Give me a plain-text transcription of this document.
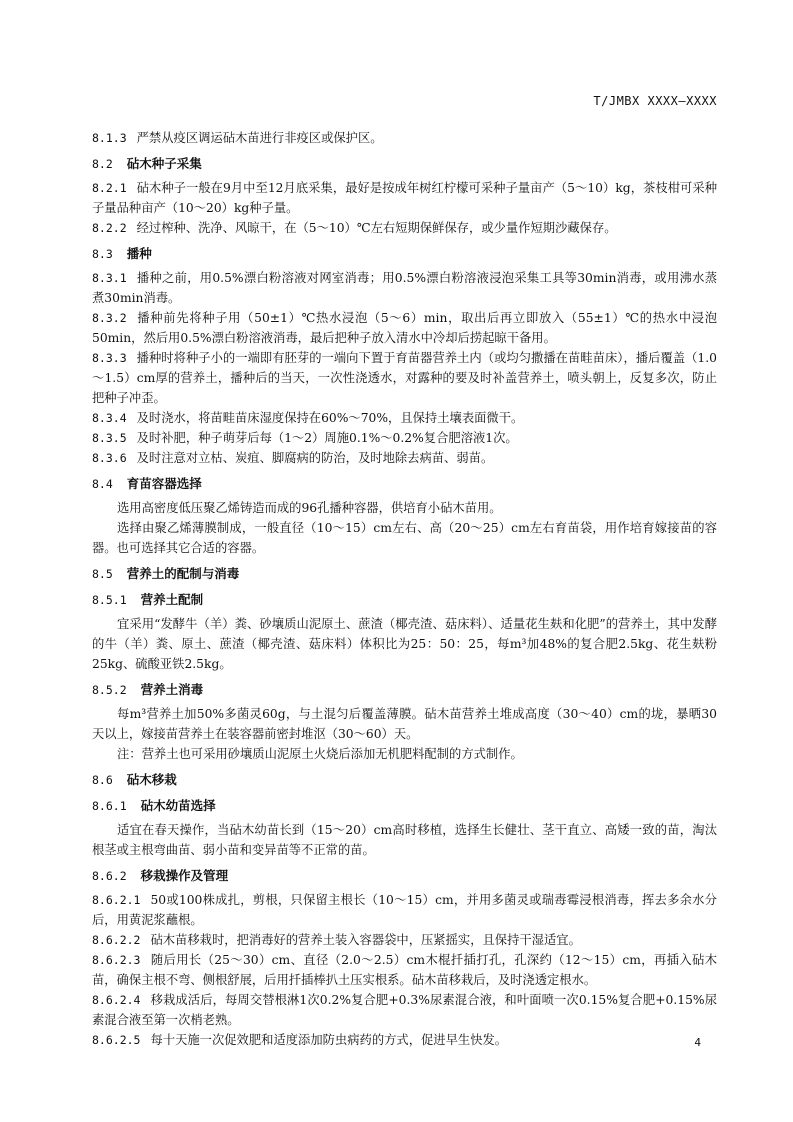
T/JMBX XXXX—XXXX

8.1.3 严禁从疫区调运砧木苗进行非疫区或保护区。

8.2 砧木种子采集

8.2.1 砧木种子一般在9月中至12月底采集，最好是按成年树红柠檬可采种子量亩产（5～10）kg，茶枝柑可采种子量品种亩产（10～20）kg种子量。

8.2.2 经过榨种、洗净、风晾干，在（5～10）℃左右短期保鲜保存，或少量作短期沙藏保存。

8.3 播种

8.3.1 播种之前，用0.5%漂白粉溶液对网室消毒；用0.5%漂白粉溶液浸泡采集工具等30min消毒，或用沸水蒸煮30min消毒。

8.3.2 播种前先将种子用（50±1）℃热水浸泡（5～6）min，取出后再立即放入（55±1）℃的热水中浸泡50min，然后用0.5%漂白粉溶液消毒，最后把种子放入清水中冷却后捞起晾干备用。

8.3.3 播种时将种子小的一端即有胚芽的一端向下置于育苗器营养土内（或均匀撒播在苗畦苗床），播后覆盖（1.0～1.5）cm厚的营养土，播种后的当天，一次性浇透水，对露种的要及时补盖营养土，喷头朝上，反复多次，防止把种子冲歪。

8.3.4 及时浇水，将苗畦苗床湿度保持在60%～70%，且保持土壤表面微干。

8.3.5 及时补肥，种子萌芽后每（1～2）周施0.1%～0.2%复合肥溶液1次。

8.3.6 及时注意对立枯、炭疽、脚腐病的防治，及时地除去病苗、弱苗。

8.4 育苗容器选择

选用高密度低压聚乙烯铸造而成的96孔播种容器，供培育小砧木苗用。

选择由聚乙烯薄膜制成，一般直径（10～15）cm左右、高（20～25）cm左右育苗袋，用作培育嫁接苗的容器。也可选择其它合适的容器。

8.5 营养土的配制与消毒
8.5.1 营养土配制

宜采用“发酵牛（羊）粪、砂壤质山泥原土、蔗渣（椰壳渣、菇床料）、适量花生麸和化肥”的营养土，其中发酵的牛（羊）粪、原土、蔗渣（椰壳渣、菇床料）体积比为25：50：25，每m³加48%的复合肥2.5kg、花生麸粉25kg、硫酸亚铁2.5kg。

8.5.2 营养土消毒

每m³营养土加50%多菌灵60g，与土混匀后覆盖薄膜。砧木苗营养土堆成高度（30～40）cm的垅，暴晒30天以上，嫁接苗营养土在装容器前密封堆沤（30～60）天。

注：营养土也可采用砂壤质山泥原土火烧后添加无机肥料配制的方式制作。

8.6 砧木移栽
8.6.1 砧木幼苗选择

适宜在春天操作，当砧木幼苗长到（15～20）cm高时移植，选择生长健壮、茎干直立、高矮一致的苗，淘汰根茎或主根弯曲苗、弱小苗和变异苗等不正常的苗。

8.6.2 移栽操作及管理

8.6.2.1 50或100株成扎，剪根，只保留主根长（10～15）cm，并用多菌灵或瑞毒霉浸根消毒，挥去多余水分后，用黄泥浆蘸根。

8.6.2.2 砧木苗移栽时，把消毒好的营养土装入容器袋中，压紧摇实，且保持干湿适宜。

8.6.2.3 随后用长（25～30）cm、直径（2.0～2.5）cm木棍扦插打孔，孔深约（12～15）cm，再插入砧木苗，确保主根不弯、侧根舒展，后用扦插棒扒土压实根系。砧木苗移栽后，及时浇透定根水。

8.6.2.4 移栽成活后，每周交替根淋1次0.2%复合肥+0.3%尿素混合液，和叶面喷一次0.15%复合肥+0.15%尿素混合液至第一次梢老熟。

8.6.2.5 每十天施一次促效肥和适度添加防虫病药的方式，促进早生快发。	4
